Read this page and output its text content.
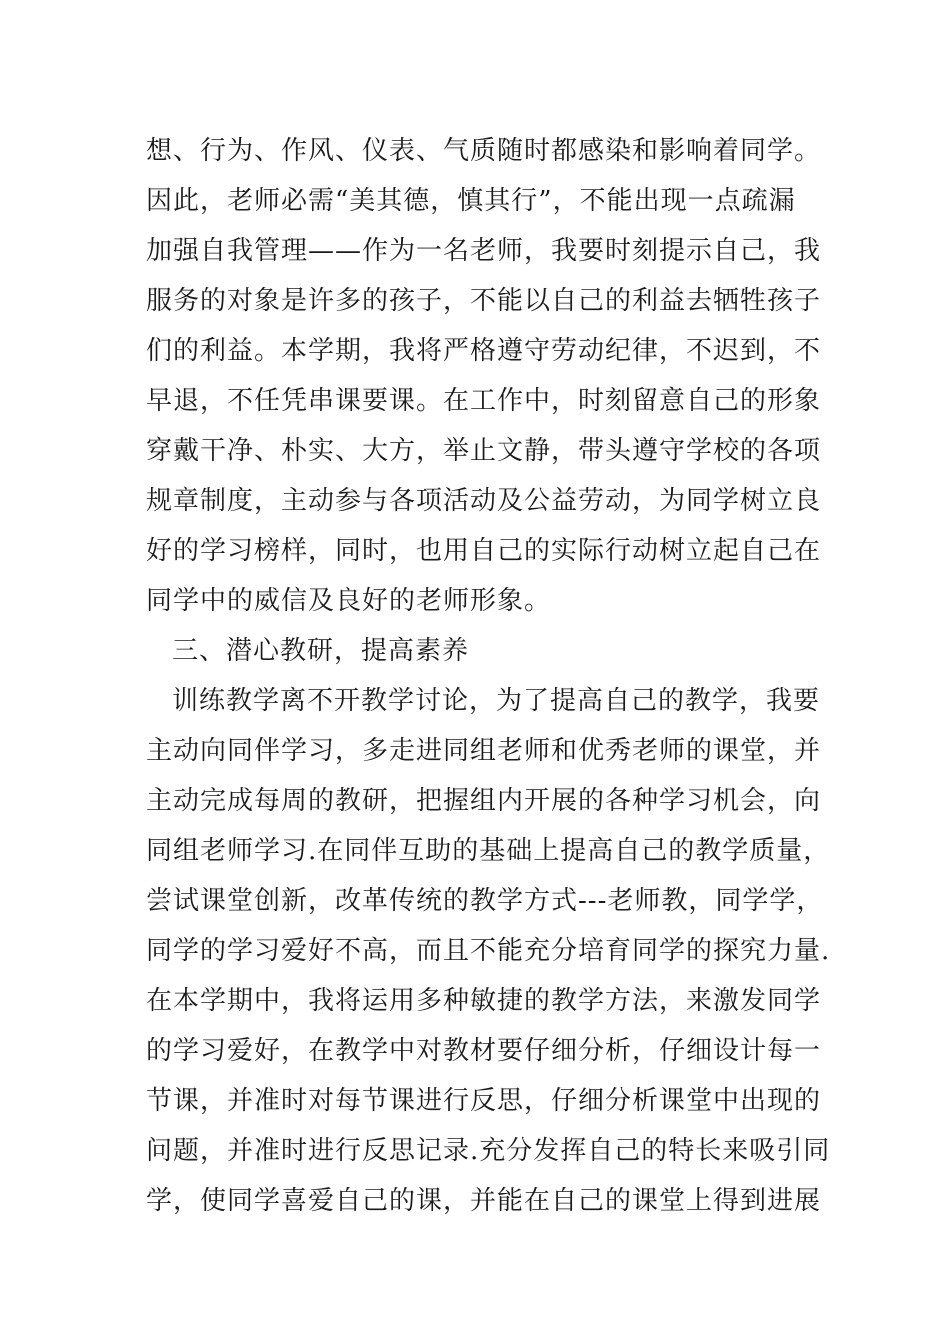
想、行为、作风、仪表、气质随时都感染和影响着同学。
因此，老师必需“美其德，慎其行”，不能出现一点疏漏
加强自我管理——作为一名老师，我要时刻提示自己，我
服务的对象是许多的孩子，不能以自己的利益去牺牲孩子
们的利益。本学期，我将严格遵守劳动纪律，不迟到，不
早退，不任凭串课要课。在工作中，时刻留意自己的形象
穿戴干净、朴实、大方，举止文静，带头遵守学校的各项
规章制度，主动参与各项活动及公益劳动，为同学树立良
好的学习榜样，同时，也用自己的实际行动树立起自己在
同学中的威信及良好的老师形象。
三、潜心教研，提高素养
训练教学离不开教学讨论，为了提高自己的教学，我要
主动向同伴学习，多走进同组老师和优秀老师的课堂，并
主动完成每周的教研，把握组内开展的各种学习机会，向
同组老师学习.在同伴互助的基础上提高自己的教学质量，
尝试课堂创新，改革传统的教学方式---老师教，同学学，
同学的学习爱好不高，而且不能充分培育同学的探究力量.
在本学期中，我将运用多种敏捷的教学方法，来激发同学
的学习爱好，在教学中对教材要仔细分析，仔细设计每一
节课，并准时对每节课进行反思，仔细分析课堂中出现的
问题，并准时进行反思记录.充分发挥自己的特长来吸引同
学，使同学喜爱自己的课，并能在自己的课堂上得到进展
